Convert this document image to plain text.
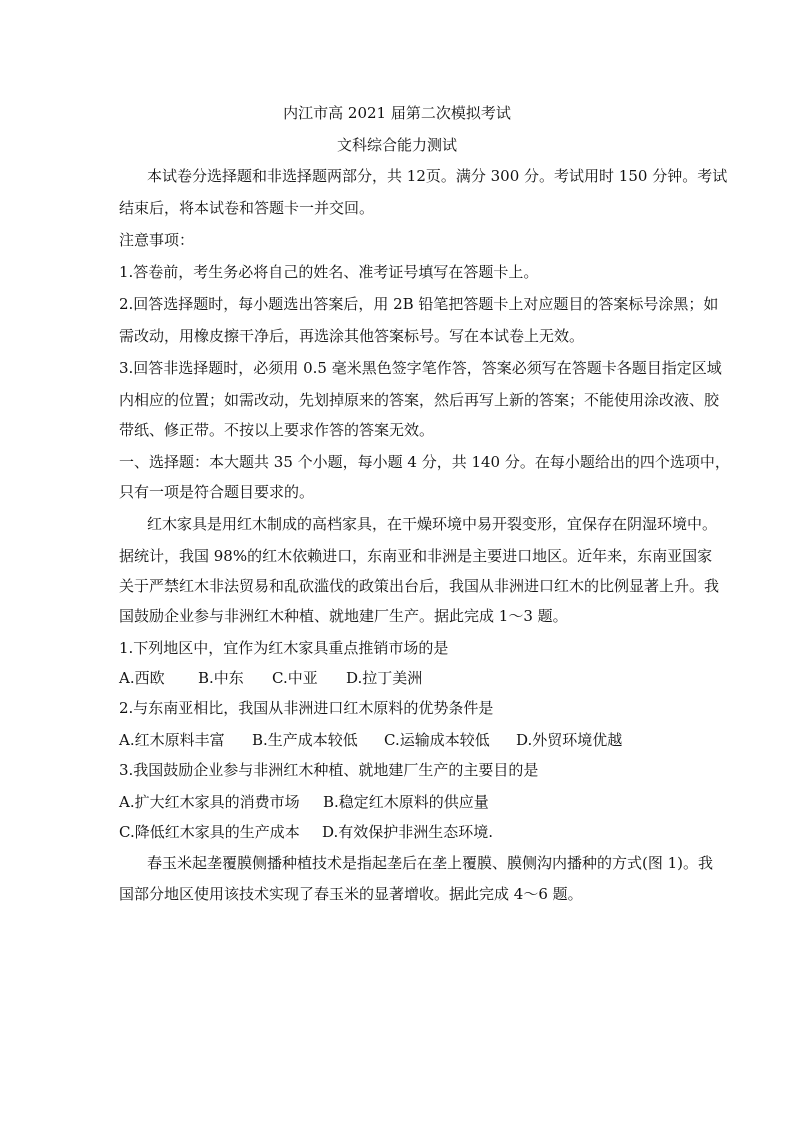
内江市高 2021 届第二次模拟考试
文科综合能力测试
本试卷分选择题和非选择题两部分，共 12页。满分 300 分。考试用时 150 分钟。考试
结束后，将本试卷和答题卡一并交回。
注意事项：
1.答卷前，考生务必将自己的姓名、准考证号填写在答题卡上。
2.回答选择题时，每小题选出答案后，用 2B 铅笔把答题卡上对应题目的答案标号涂黑；如
需改动，用橡皮擦干净后，再选涂其他答案标号。写在本试卷上无效。
3.回答非选择题时，必须用 0.5 毫米黑色签字笔作答，答案必须写在答题卡各题目指定区域
内相应的位置；如需改动，先划掉原来的答案，然后再写上新的答案；不能使用涂改液、胶
带纸、修正带。不按以上要求作答的答案无效。
一、选择题：本大题共 35 个小题，每小题 4 分，共 140 分。在每小题给出的四个选项中，
只有一项是符合题目要求的。
红木家具是用红木制成的高档家具，在干燥环境中易开裂变形，宜保存在阴湿环境中。
据统计，我国 98%的红木依赖进口，东南亚和非洲是主要进口地区。近年来，东南亚国家
关于严禁红木非法贸易和乱砍滥伐的政策出台后，我国从非洲进口红木的比例显著上升。我
国鼓励企业参与非洲红木种植、就地建厂生产。据此完成 1～3 题。
1.下列地区中，宜作为红木家具重点推销市场的是
A.西欧 B.中东 C.中亚 D.拉丁美洲
2.与东南亚相比，我国从非洲进口红木原料的优势条件是
A.红木原料丰富 B.生产成本较低 C.运输成本较低 D.外贸环境优越
3.我国鼓励企业参与非洲红木种植、就地建厂生产的主要目的是
A.扩大红木家具的消费市场 B.稳定红木原料的供应量
C.降低红木家具的生产成本 D.有效保护非洲生态环境.
春玉米起垄覆膜侧播种植技术是指起垄后在垄上覆膜、膜侧沟内播种的方式(图 1)。我
国部分地区使用该技术实现了春玉米的显著增收。据此完成 4～6 题。
